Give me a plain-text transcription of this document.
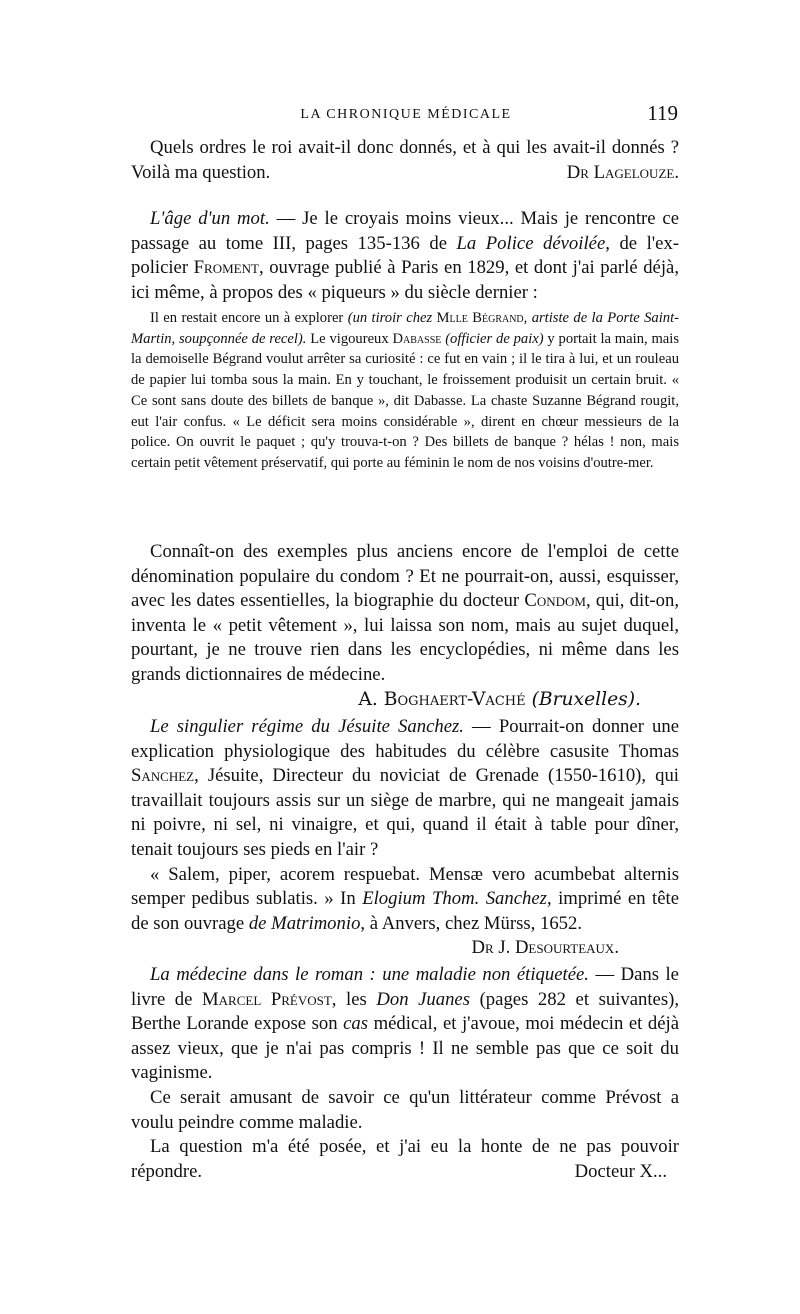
LA CHRONIQUE MÉDICALE	119

Quels ordres le roi avait-il donc donnés, et à qui les avait-il donnés ? Voilà ma question.	Dr Lagelouze.

L'âge d'un mot. — Je le croyais moins vieux... Mais je rencontre ce passage au tome III, pages 135-136 de La Police dévoilée, de l'ex-policier Froment, ouvrage publié à Paris en 1829, et dont j'ai parlé déjà, ici même, à propos des « piqueurs » du siècle dernier :

Il en restait encore un à explorer (un tiroir chez Mlle Bégrand, artiste de la Porte Saint-Martin, soupçonnée de recel). Le vigoureux Dabasse (officier de paix) y portait la main, mais la demoiselle Bégrand voulut arrêter sa curiosité : ce fut en vain ; il le tira à lui, et un rouleau de papier lui tomba sous la main. En y touchant, le froissement produisit un certain bruit. « Ce sont sans doute des billets de banque », dit Dabasse. La chaste Suzanne Bégrand rougit, eut l'air confus. « Le déficit sera moins considérable », dirent en chœur messieurs de la police. On ouvrit le paquet ; qu'y trouva-t-on ? Des billets de banque ? hélas ! non, mais certain petit vêtement préservatif, qui porte au féminin le nom de nos voisins d'outre-mer.

Connaît-on des exemples plus anciens encore de l'emploi de cette dénomination populaire du condom ? Et ne pourrait-on, aussi, esquisser, avec les dates essentielles, la biographie du docteur Condom, qui, dit-on, inventa le « petit vêtement », lui laissa son nom, mais au sujet duquel, pourtant, je ne trouve rien dans les encyclopédies, ni même dans les grands dictionnaires de médecine.

A. Boghaert-Vaché
(Bruxelles).

Le singulier régime du Jésuite Sanchez. — Pourrait-on donner une explication physiologique des habitudes du célèbre casusite Thomas Sanchez, Jésuite, Directeur du noviciat de Grenade (1550-1610), qui travaillait toujours assis sur un siège de marbre, qui ne mangeait jamais ni poivre, ni sel, ni vinaigre, et qui, quand il était à table pour dîner, tenait toujours ses pieds en l'air ?

« Salem, piper, acorem respuebat. Mensæ vero acumbebat alternis semper pedibus sublatis. » In Elogium Thom. Sanchez, imprimé en tête de son ouvrage de Matrimonio, à Anvers, chez Mürss, 1652.
Dr J. Desourteaux.

La médecine dans le roman : une maladie non étiquetée. — Dans le livre de Marcel Prévost, les Don Juanes (pages 282 et suivantes), Berthe Lorande expose son cas médical, et j'avoue, moi médecin et déjà assez vieux, que je n'ai pas compris ! Il ne semble pas que ce soit du vaginisme.

Ce serait amusant de savoir ce qu'un littérateur comme Prévost a voulu peindre comme maladie.

La question m'a été posée, et j'ai eu la honte de ne pas pouvoir répondre.	Docteur X...
